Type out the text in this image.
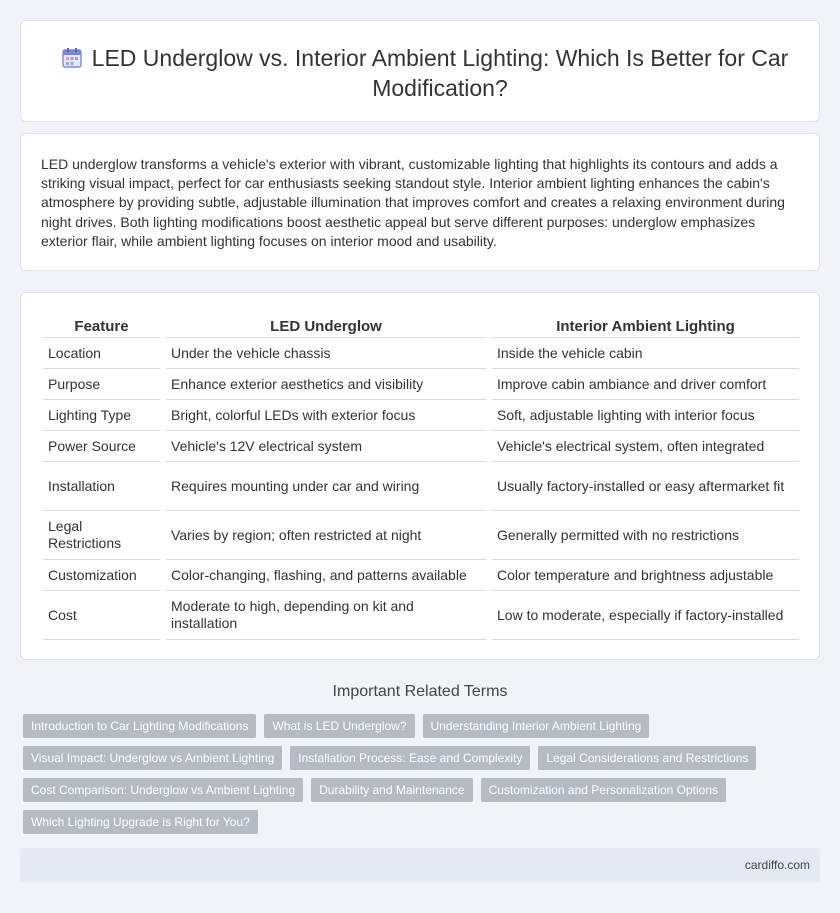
LED Underglow vs. Interior Ambient Lighting: Which Is Better for Car Modification?

LED underglow transforms a vehicle's exterior with vibrant, customizable lighting that highlights its contours and adds a striking visual impact, perfect for car enthusiasts seeking standout style. Interior ambient lighting enhances the cabin's atmosphere by providing subtle, adjustable illumination that improves comfort and creates a relaxing environment during night drives. Both lighting modifications boost aesthetic appeal but serve different purposes: underglow emphasizes exterior flair, while ambient lighting focuses on interior mood and usability.

Feature	LED Underglow	Interior Ambient Lighting
Location	Under the vehicle chassis	Inside the vehicle cabin
Purpose	Enhance exterior aesthetics and visibility	Improve cabin ambiance and driver comfort
Lighting Type	Bright, colorful LEDs with exterior focus	Soft, adjustable lighting with interior focus
Power Source	Vehicle's 12V electrical system	Vehicle's electrical system, often integrated
Installation	Requires mounting under car and wiring	Usually factory-installed or easy aftermarket fit
Legal Restrictions	Varies by region; often restricted at night	Generally permitted with no restrictions
Customization	Color-changing, flashing, and patterns available	Color temperature and brightness adjustable
Cost	Moderate to high, depending on kit and installation	Low to moderate, especially if factory-installed
Important Related Terms
Introduction to Car Lighting Modifications	What is LED Underglow?	Understanding Interior Ambient Lighting
Visual Impact: Underglow vs Ambient Lighting	Installation Process: Ease and Complexity	Legal Considerations and Restrictions
Cost Comparison: Underglow vs Ambient Lighting	Durability and Maintenance	Customization and Personalization Options
Which Lighting Upgrade is Right for You?
cardiffo.com
